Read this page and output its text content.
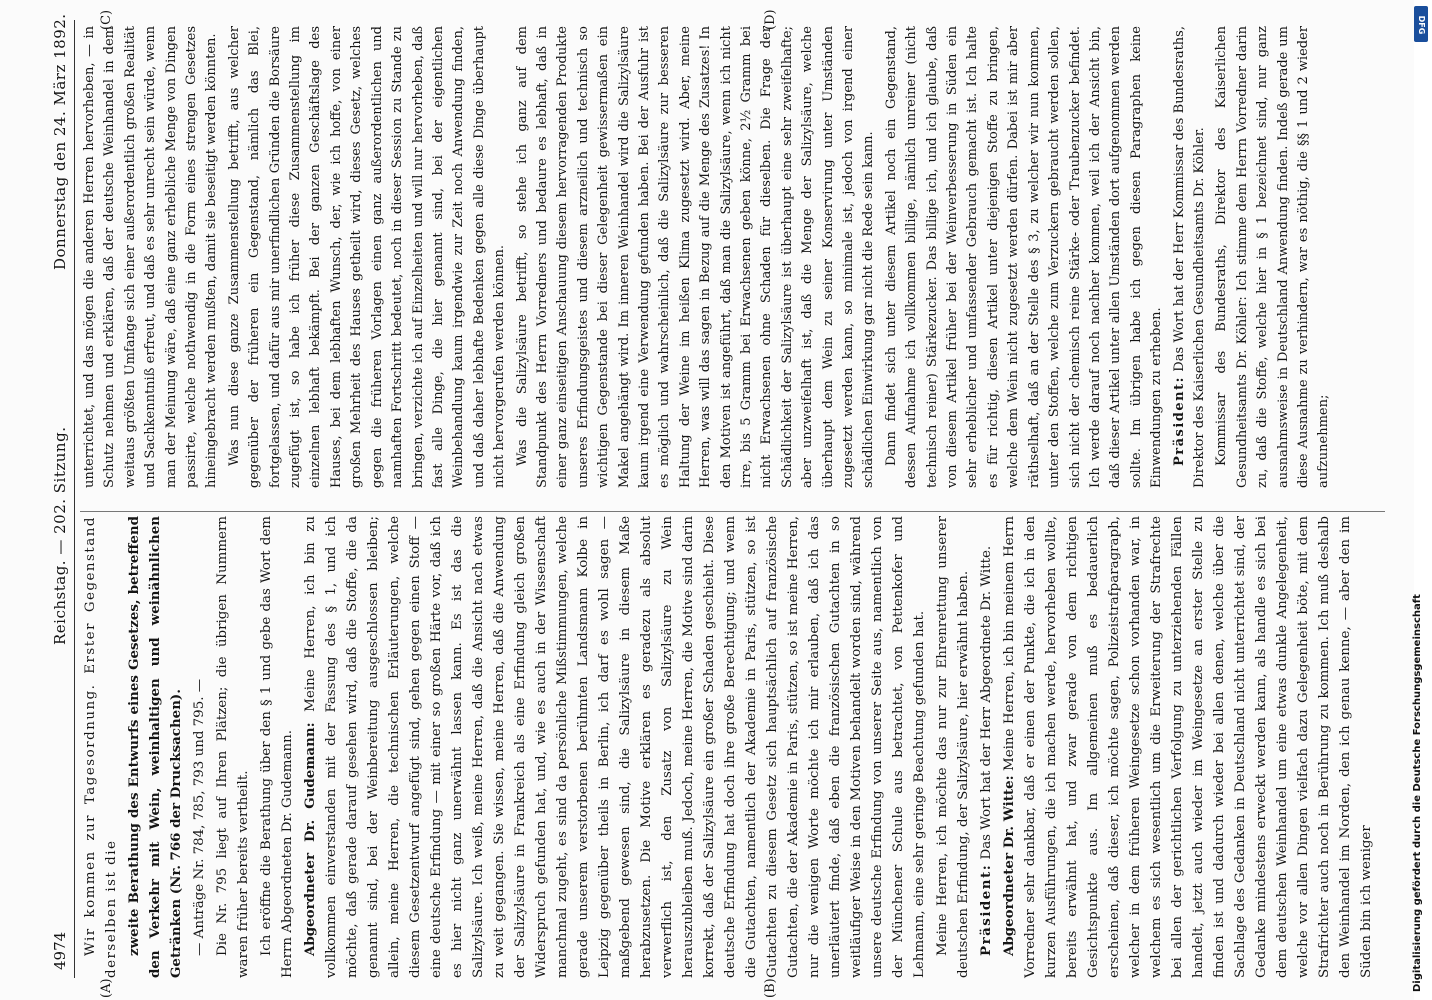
4974
Reichstag. — 202. Sitzung.
Donnerstag den 24. März 1892.
(A)	(B)
(C)	(D)

Wir kommen zur Tagesordnung. Erster Gegenstand derselben ist die zweite Berathung des Entwurfs eines Gesetzes, betreffend den Verkehr mit Wein, weinhaltigen und weinähnlichen Getränken (Nr. 766 der Drucksachen). — Anträge Nr. 784, 785, 793 und 795. — Die Nr. 795 liegt auf Ihren Plätzen; die übrigen Nummern waren früher bereits vertheilt. Ich eröffne die Berathung über den § 1 und gebe das Wort dem Herrn Abgeordneten Dr. Gudemann. Abgeordneter Dr. Gudemann: Meine Herren, ich bin zu vollkommen einverstanden mit der Fassung des § 1, und ich möchte, daß gerade darauf gesehen wird, daß die Stoffe, die da genannt sind, bei der Weinbereitung ausgeschlossen bleiben; allein, meine Herren, die technischen Erläuterungen, welche diesem Gesetzentwurf angefügt sind, gehen gegen einen Stoff — eine deutsche Erfindung — mit einer so großen Härte vor, daß ich es hier nicht ganz unerwähnt lassen kann. Es ist das die Salizylsäure. Ich weiß, meine Herren, daß die Ansicht nach etwas zu weit gegangen. Sie wissen, meine Herren, daß die Anwendung der Salizylsäure in Frankreich als eine Erfindung gleich großen Widerspruch gefunden hat, und, wie es auch in der Wissenschaft manchmal zugeht, es sind da persönliche Mißstimmungen, welche gerade unserem verstorbenen berühmten Landsmann Kolbe in Leipzig gegenüber theils in Berlin, ich darf es wohl sagen — maßgebend gewesen sind, die Salizylsäure in diesem Maße herabzusetzen. Die Motive erklären es geradezu als absolut verwerflich ist, den Zusatz von Salizylsäure zu Wein herauszubleiben muß. Jedoch, meine Herren, die Motive sind darin korrekt, daß der Salizylsäure ein großer Schaden geschieht. Diese deutsche Erfindung hat doch ihre große Berechtigung; und wenn die Gutachten, namentlich der Akademie in Paris, stützen, so ist Gutachten zu diesem Gesetz sich hauptsächlich auf französische Gutachten, die der Akademie in Paris, stützen, so ist meine Herren, nur die wenigen Worte möchte ich mir erlauben, daß ich das unerläutert finde, daß eben die französischen Gutachten in so weitläufiger Weise in den Motiven behandelt worden sind, während unsere deutsche Erfindung von unserer Seite aus, namentlich von der Münchener Schule aus betrachtet, von Pettenkofer und Lehmann, eine sehr geringe Beachtung gefunden hat. Meine Herren, ich möchte das nur zur Ehrenrettung unserer deutschen Erfindung, der Salizylsäure, hier erwähnt haben. Präsident: Das Wort hat der Herr Abgeordnete Dr. Witte.

Abgeordneter Dr. Witte: Meine Herren, ich bin meinem Herrn Vorredner sehr dankbar, daß er einen der Punkte, die ich in den kurzen Ausführungen, die ich machen werde, hervorheben wollte, bereits erwähnt hat, und zwar gerade von dem richtigen Gesichtspunkte aus. Im allgemeinen muß es bedauerlich erscheinen, daß dieser, ich möchte sagen, Polizeistrafparagraph, welcher in dem früheren Weingesetze schon vorhanden war, in welchem es sich wesentlich um die Erweiterung der Strafrechte bei allen der gerichtlichen Verfolgung zu unterziehenden Fällen handelt, jetzt auch wieder im Weingesetze an erster Stelle zu finden ist und dadurch wieder bei allen denen, welche über die Sachlage des Gedanken in Deutschland nicht unterrichtet sind, der Gedanke mindestens erweckt werden kann, als handle es sich bei dem deutschen Weinhandel um eine etwas dunkle Angelegenheit, welche vor allen Dingen vielfach dazu Gelegenheit böte, mit dem Strafrichter auch noch in Berührung zu kommen. Ich muß deshalb den Weinhandel im Norden, den ich genau kenne, — aber den im Süden bin ich weniger

unterrichtet, und das mögen die anderen Herren hervorheben, — in Schutz nehmen und erklären, daß der deutsche Weinhandel in dem weitaus größten Umfange sich einer außerordentlich großen Realität und Sachkenntniß erfreut, und daß es sehr unrecht sein würde, wenn man der Meinung wäre, daß eine ganz erhebliche Menge von Dingen passirte, welche nothwendig in die Form eines strengen Gesetzes hineingebracht werden mußten, damit sie beseitigt werden könnten. Was nun diese ganze Zusammenstellung betrifft, aus welcher gegenüber der früheren ein Gegenstand, nämlich das Blei, fortgelassen, und dafür aus mir unerfindlichen Gründen die Borsäure zugefügt ist, so habe ich früher diese Zusammenstellung im einzelnen lebhaft bekämpft. Bei der ganzen Geschäftslage des Hauses, bei dem lebhaften Wunsch, der, wie ich hoffe, von einer großen Mehrheit des Hauses getheilt wird, dieses Gesetz, welches gegen die früheren Vorlagen einen ganz außerordentlichen und namhaften Fortschritt bedeutet, noch in dieser Session zu Stande zu bringen, verzichte ich auf Einzelheiten und will nur hervorheben, daß fast alle Dinge, die hier genannt sind, bei der eigentlichen Weinbehandlung kaum irgendwie zur Zeit noch Anwendung finden, und daß daher lebhafte Bedenken gegen alle diese Dinge überhaupt nicht hervorgerufen werden können. Was die Salizylsäure betrifft, so stehe ich ganz auf dem Standpunkt des Herrn Vorredners und bedaure es lebhaft, daß in einer ganz einseitigen Anschauung diesem hervorragenden Produkte unseres Erfindungsgeistes und diesem arzneilich und technisch so wichtigen Gegenstande bei dieser Gelegenheit gewissermaßen ein Makel angehängt wird. Im inneren Weinhandel wird die Salizylsäure kaum irgend eine Verwendung gefunden haben. Bei der Ausfuhr ist es möglich und wahrscheinlich, daß die Salizylsäure zur besseren Haltung der Weine im heißen Klima zugesetzt wird. Aber, meine Herren, was will das sagen in Bezug auf die Menge des Zusatzes! In den Motiven ist angeführt, daß man die Salizylsäure, wenn ich nicht irre, bis 5 Gramm bei Erwachsenen geben könne, 2½ Gramm bei nicht Erwachsenen ohne Schaden für dieselben. Die Frage der Schädlichkeit der Salizylsäure ist überhaupt eine sehr zweifelhafte; aber unzweifelhaft ist, daß die Menge der Salizylsäure, welche überhaupt dem Wein zu seiner Konservirung unter Umständen zugesetzt werden kann, so minimale ist, jedoch von irgend einer schädlichen Einwirkung gar nicht die Rede sein kann. Dann findet sich unter diesem Artikel noch ein Gegenstand, dessen Aufnahme ich vollkommen billige, nämlich unreiner (nicht technisch reiner) Stärkezucker. Das billige ich, und ich glaube, daß von diesem Artikel früher bei der Weinverbesserung in Süden ein sehr erheblicher und umfassender Gebrauch gemacht ist. Ich halte es für richtig, diesen Artikel unter diejenigen Stoffe zu bringen, welche dem Wein nicht zugesetzt werden dürfen. Dabei ist mir aber räthselhaft, daß an der Stelle des § 3, zu welcher wir nun kommen, unter den Stoffen, welche zum Verzuckern gebraucht werden sollen, sich nicht der chemisch reine Stärke- oder Traubenzucker befindet. Ich werde darauf noch nachher kommen, weil ich der Ansicht bin, daß dieser Artikel unter allen Umständen dort aufgenommen werden sollte. Im übrigen habe ich gegen diesen Paragraphen keine Einwendungen zu erheben. Präsident: Das Wort hat der Herr Kommissar des Bundesraths, Direktor des Kaiserlichen Gesundheitsamts Dr. Köhler. Kommissar des Bundesraths, Direktor des Kaiserlichen Gesundheitsamts Dr. Köhler: Ich stimme dem Herrn Vorredner darin zu, daß die Stoffe, welche hier in § 1 bezeichnet sind, nur ganz ausnahmsweise in Deutschland Anwendung finden. Indeß gerade um diese Ausnahme zu verhindern, war es nöthig, die §§ 1 und 2 wieder aufzunehmen;

Digitalisierung gefördert durch die Deutsche Forschungsgemeinschaft
DFG
